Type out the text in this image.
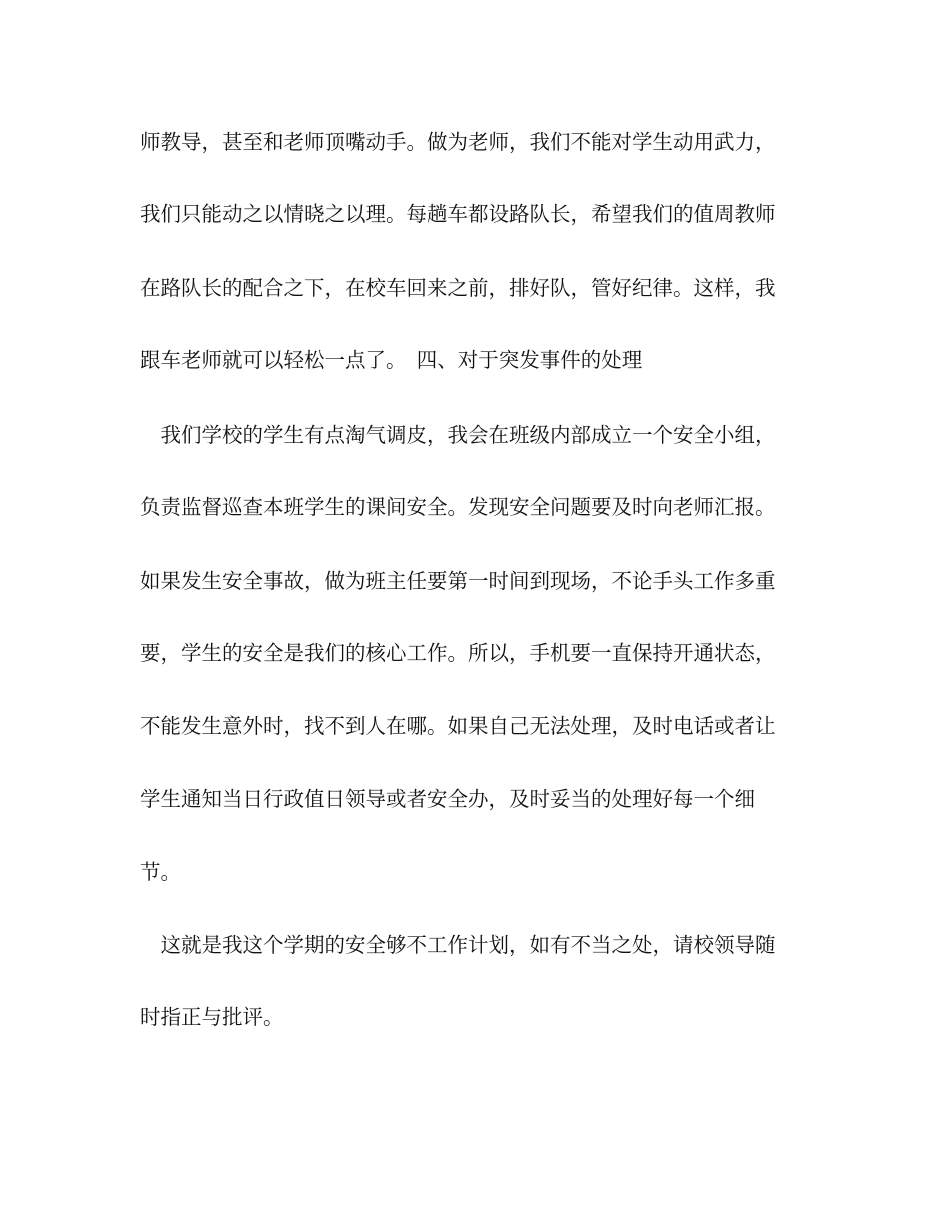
师教导，甚至和老师顶嘴动手。做为老师，我们不能对学生动用武力，

我们只能动之以情晓之以理。每趟车都设路队长，希望我们的值周教师

在路队长的配合之下，在校车回来之前，排好队，管好纪律。这样，我

跟车老师就可以轻松一点了。　四、对于突发事件的处理

　我们学校的学生有点淘气调皮，我会在班级内部成立一个安全小组，

负责监督巡查本班学生的课间安全。发现安全问题要及时向老师汇报。

如果发生安全事故，做为班主任要第一时间到现场，不论手头工作多重

要，学生的安全是我们的核心工作。所以，手机要一直保持开通状态，

不能发生意外时，找不到人在哪。如果自己无法处理，及时电话或者让

学生通知当日行政值日领导或者安全办，及时妥当的处理好每一个细

节。

　这就是我这个学期的安全够不工作计划，如有不当之处，请校领导随

时指正与批评。
